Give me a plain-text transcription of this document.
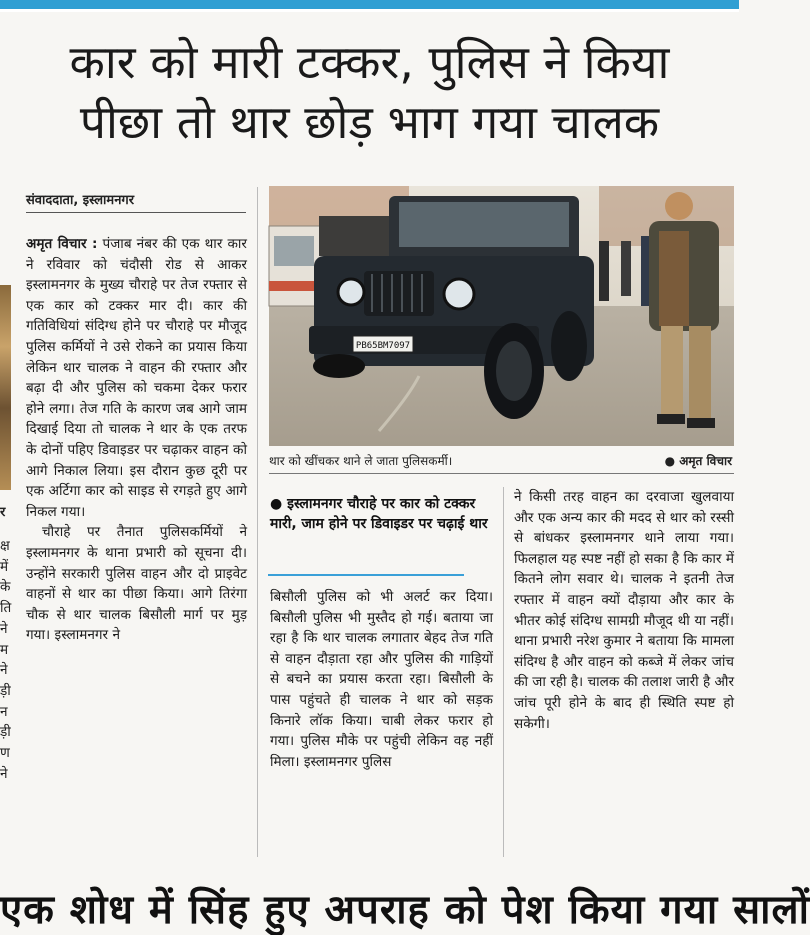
कार को मारी टक्कर, पुलिस ने किया
पीछा तो थार छोड़ भाग गया चालक
संवाददाता, इस्लामनगर
र
क्ष
में
के
ति
ने
म
ने
ड़ी
न
ड़ी
ण
ने

अमृत विचार : पंजाब नंबर की एक थार कार ने रविवार को चंदौसी रोड से आकर इस्लामनगर के मुख्य चौराहे पर तेज रफ्तार से एक कार को टक्कर मार दी। कार की गतिविधियां संदिग्ध होने पर चौराहे पर मौजूद पुलिस कर्मियों ने उसे रोकने का प्रयास किया लेकिन थार चालक ने वाहन की रफ्तार और बढ़ा दी और पुलिस को चकमा देकर फरार होने लगा। तेज गति के कारण जब आगे जाम दिखाई दिया तो चालक ने थार के एक तरफ के दोनों पहिए डिवाइडर पर चढ़ाकर वाहन को आगे निकाल लिया। इस दौरान कुछ दूरी पर एक अर्टिगा कार को साइड से रगड़ते हुए आगे निकल गया।

चौराहे पर तैनात पुलिसकर्मियों ने इस्लामनगर के थाना प्रभारी को सूचना दी। उन्होंने सरकारी पुलिस वाहन और दो प्राइवेट वाहनों से थार का पीछा किया। आगे तिरंगा चौक से थार चालक बिसौली मार्ग पर मुड़ गया। इस्लामनगर ने

PB65BM7097
थार को खींचकर थाने ले जाता पुलिसकर्मी।	● अमृत विचार
● इस्लामनगर चौराहे पर कार को टक्कर मारी, जाम होने पर डिवाइडर पर चढ़ाई थार

बिसौली पुलिस को भी अलर्ट कर दिया। बिसौली पुलिस भी मुस्तैद हो गई। बताया जा रहा है कि थार चालक लगातार बेहद तेज गति से वाहन दौड़ाता रहा और पुलिस की गाड़ियों से बचने का प्रयास करता रहा। बिसौली के पास पहुंचते ही चालक ने थार को सड़क किनारे लॉक किया। चाबी लेकर फरार हो गया। पुलिस मौके पर पहुंची लेकिन वह नहीं मिला। इस्लामनगर पुलिस

ने किसी तरह वाहन का दरवाजा खुलवाया और एक अन्य कार की मदद से थार को रस्सी से बांधकर इस्लामनगर थाने लाया गया। फिलहाल यह स्पष्ट नहीं हो सका है कि कार में कितने लोग सवार थे। चालक ने इतनी तेज रफ्तार में वाहन क्यों दौड़ाया और कार के भीतर कोई संदिग्ध सामग्री मौजूद थी या नहीं। थाना प्रभारी नरेश कुमार ने बताया कि मामला संदिग्ध है और वाहन को कब्जे में लेकर जांच की जा रही है। चालक की तलाश जारी है और जांच पूरी होने के बाद ही स्थिति स्पष्ट हो सकेगी।

एक शोध में सिंह हुए अपराह को पेश किया गया सालों
